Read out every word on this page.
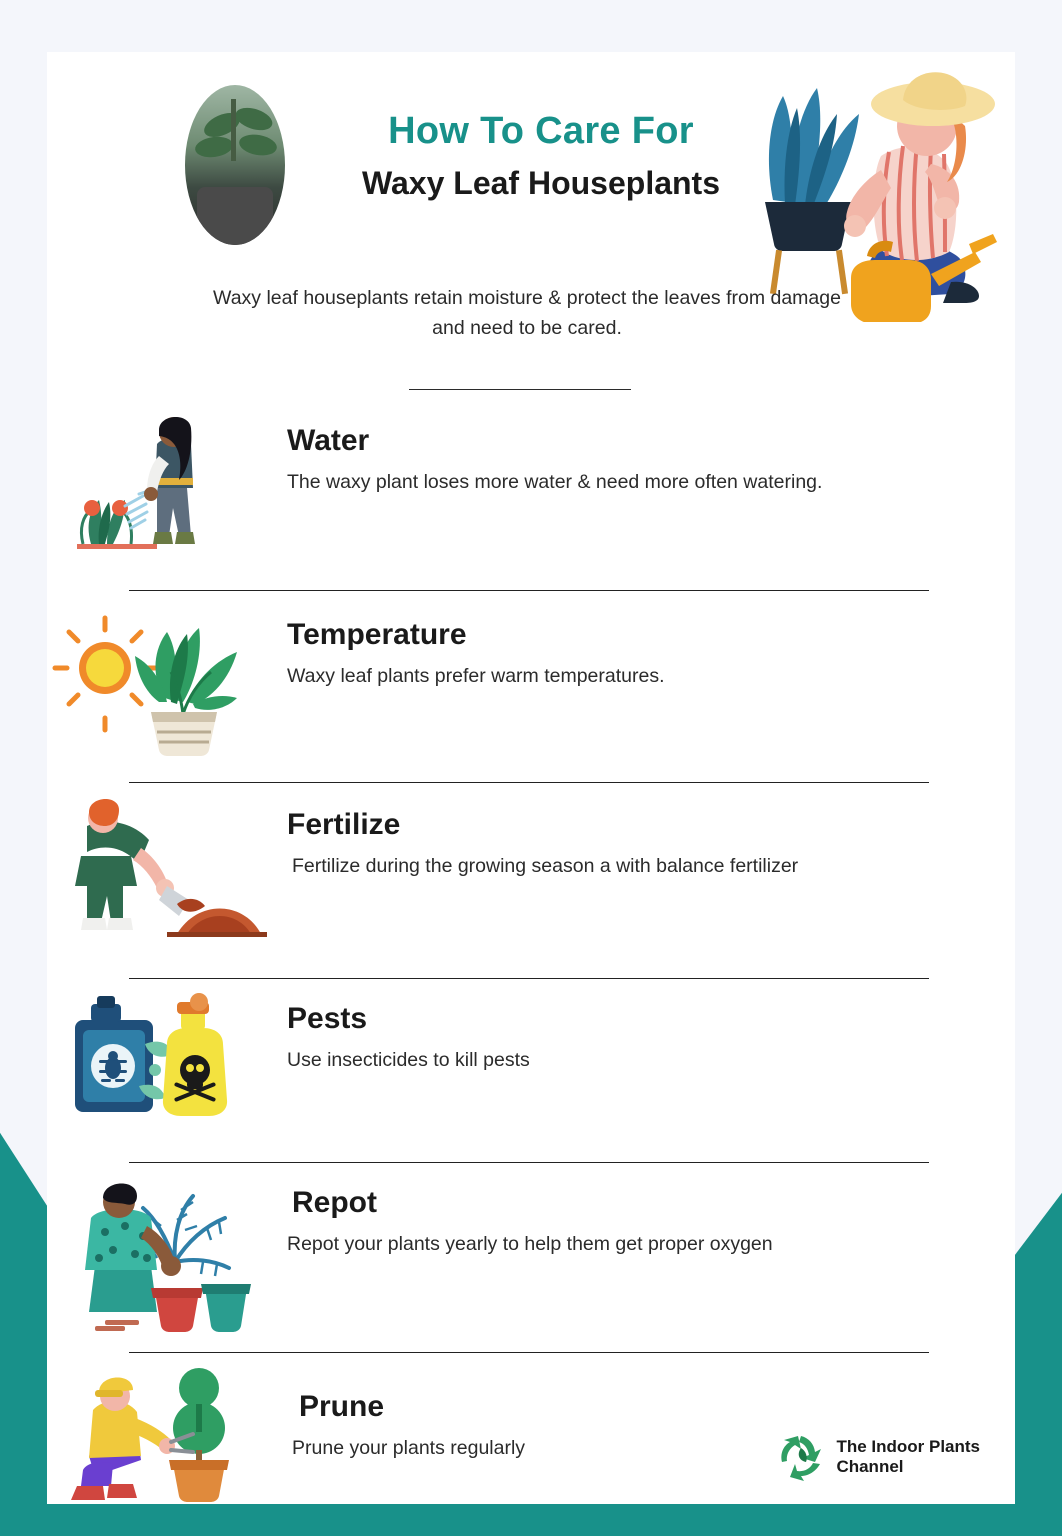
How To Care For
Waxy Leaf Houseplants
Waxy leaf houseplants retain moisture & protect the leaves from damage and need to be cared.
Water

The waxy plant loses more water & need more often watering.

Temperature

Waxy leaf plants prefer warm temperatures.

Fertilize

Fertilize during the growing season a with balance fertilizer

Pests

Use insecticides to kill pests

Repot

Repot your plants yearly to help them get proper oxygen

Prune

Prune your plants regularly	The Indoor Plants
Channel
